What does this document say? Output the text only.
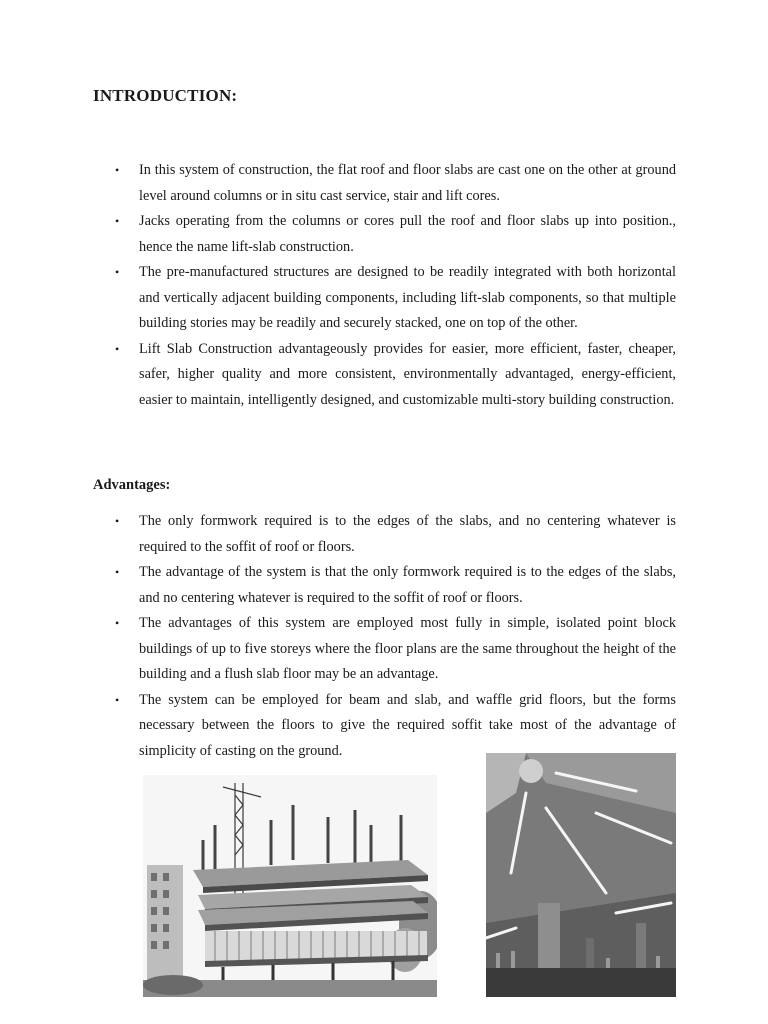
INTRODUCTION:
• In this system of construction, the flat roof and floor slabs are cast one on the other at ground level around columns or in situ cast service, stair and lift cores.
• Jacks operating from the columns or cores pull the roof and floor slabs up into position., hence the name lift-slab construction.
• The pre-manufactured structures are designed to be readily integrated with both horizontal and vertically adjacent building components, including lift-slab components, so that multiple building stories may be readily and securely stacked, one on top of the other.
• Lift Slab Construction advantageously provides for easier, more efficient, faster, cheaper, safer, higher quality and more consistent, environmentally advantaged, energy-efficient, easier to maintain, intelligently designed, and customizable multi-story building construction.
Advantages:
• The only formwork required is to the edges of the slabs, and no centering whatever is required to the soffit of roof or floors.
• The advantage of the system is that the only formwork required is to the edges of the slabs, and no centering whatever is required to the soffit of roof or floors.
• The advantages of this system are employed most fully in simple, isolated point block buildings of up to five storeys where the floor plans are the same throughout the height of the building and a flush slab floor may be an advantage.
• The system can be employed for beam and slab, and waffle grid floors, but the forms necessary between the floors to give the required soffit take most of the advantage of simplicity of casting on the ground.
